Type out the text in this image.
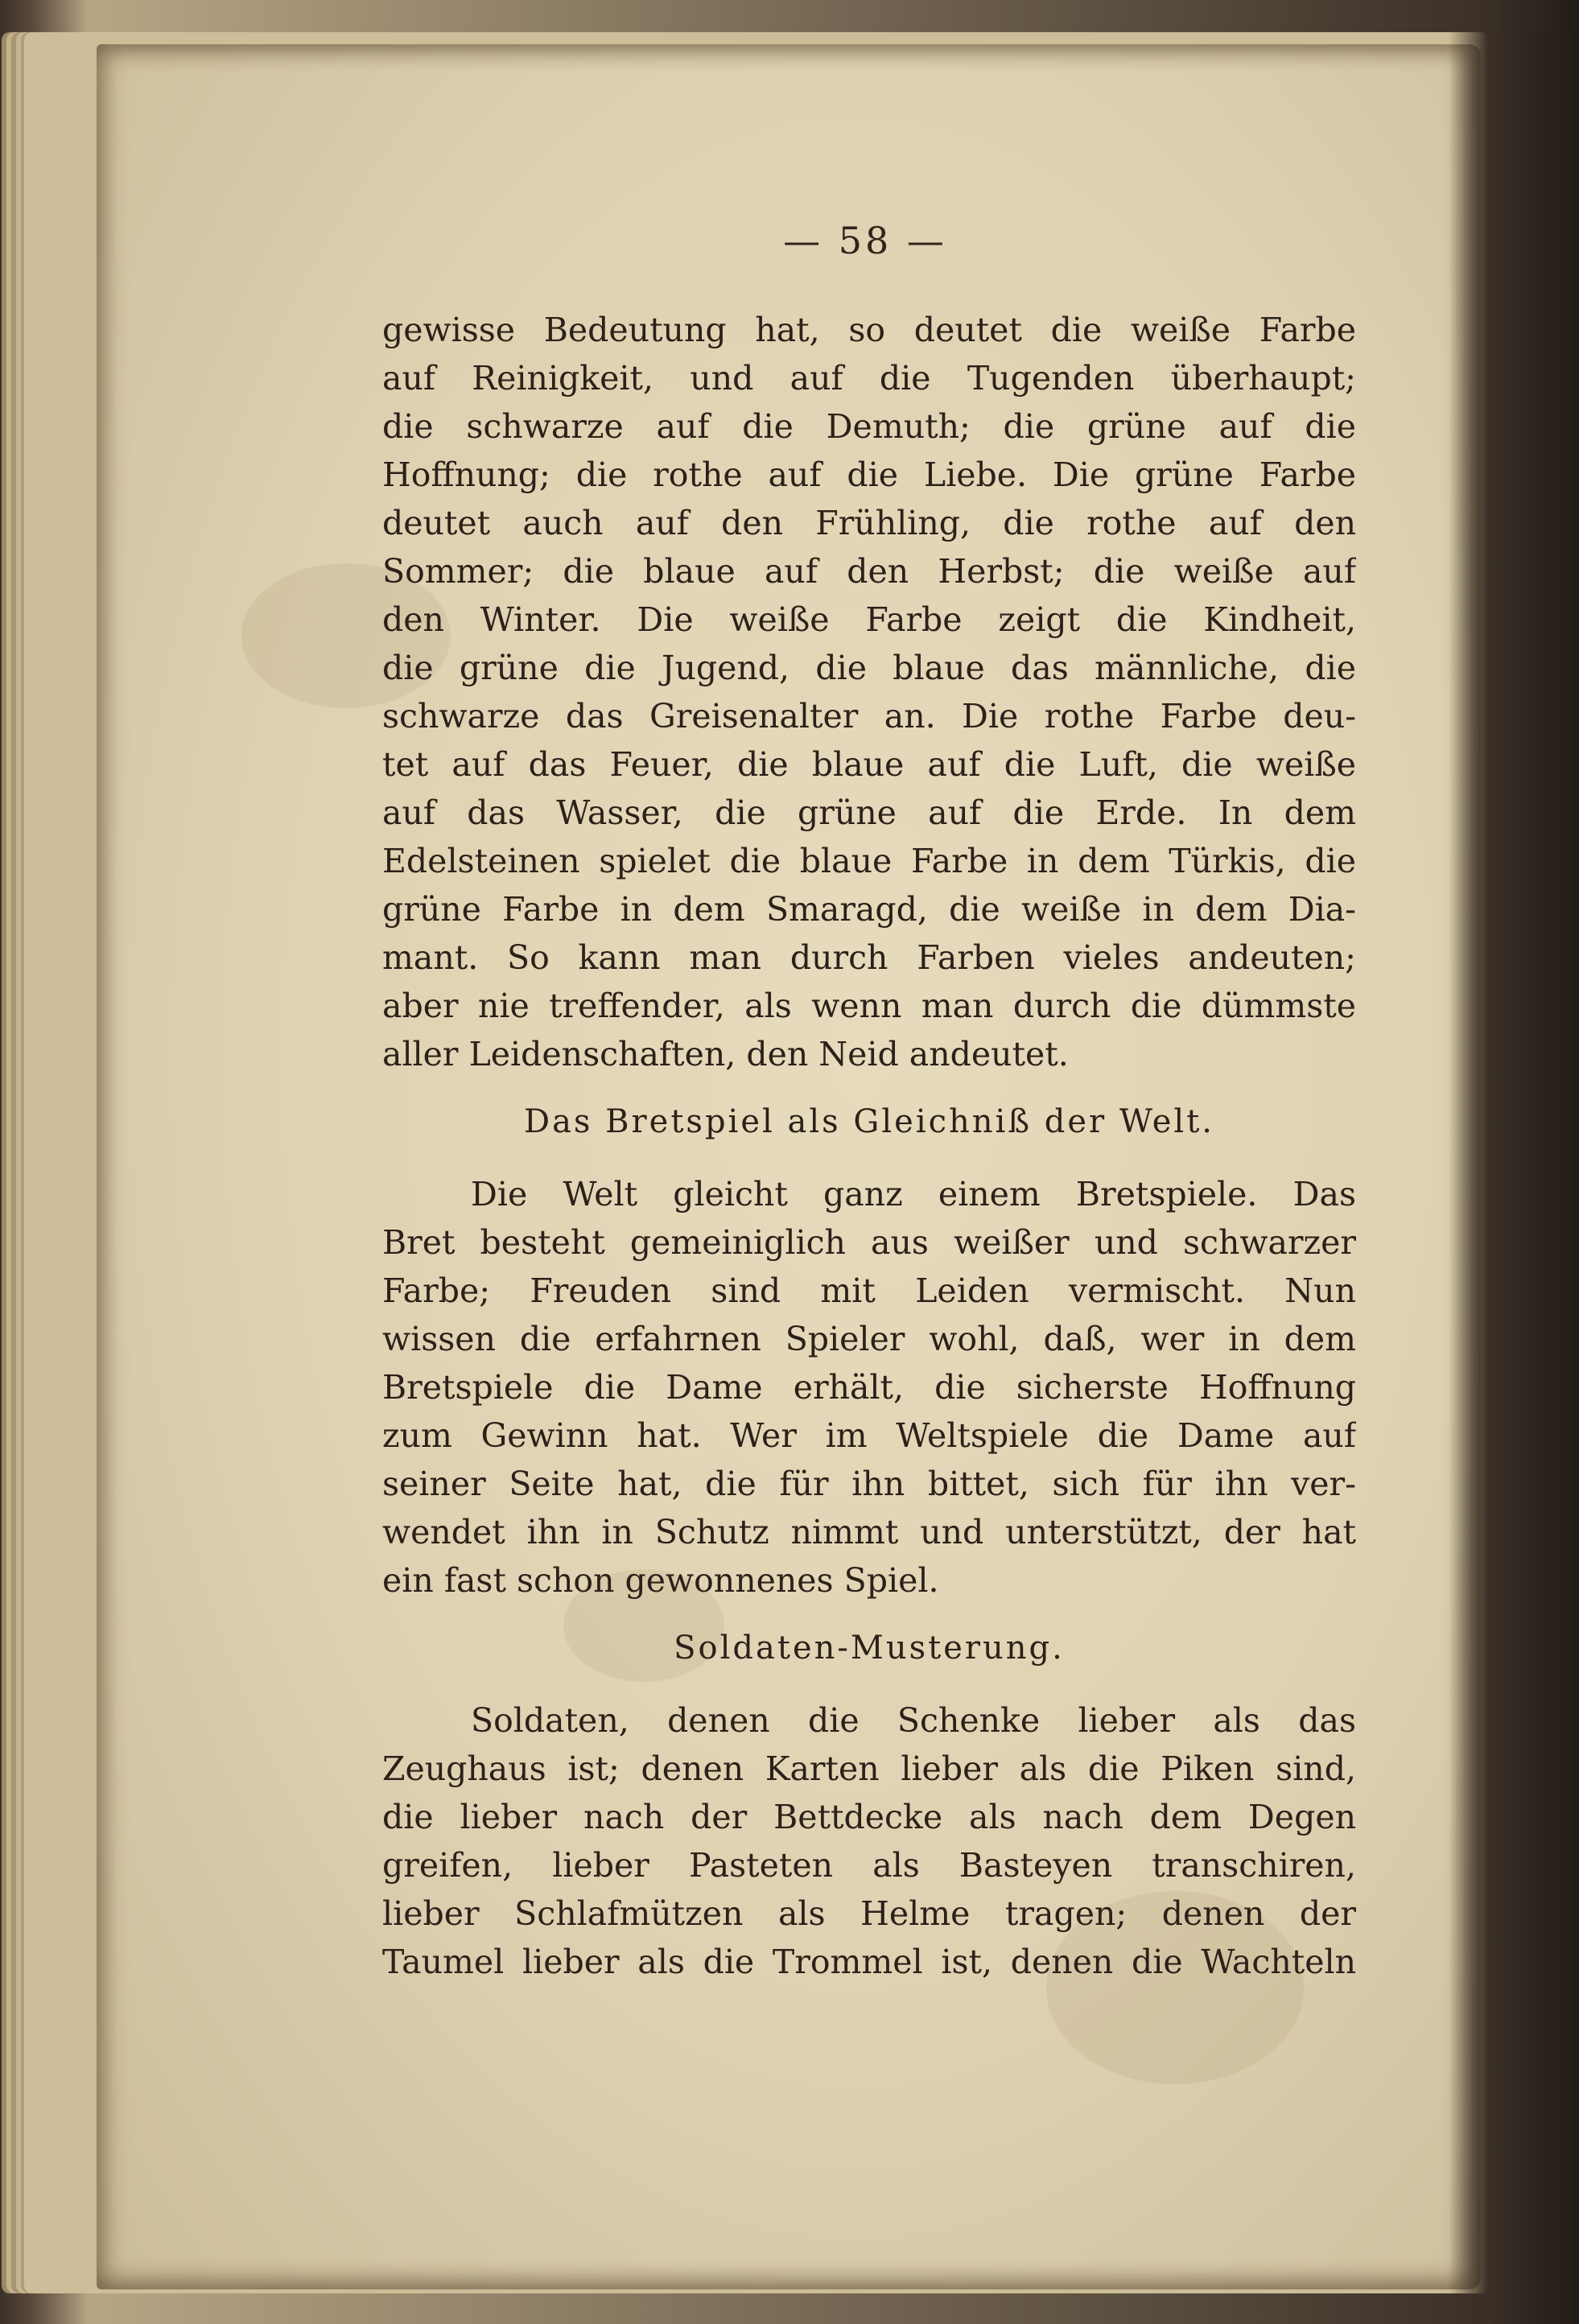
— 58 —
gewisse Bedeutung hat, so deutet die weiße Farbe
auf Reinigkeit, und auf die Tugenden überhaupt;
die schwarze auf die Demuth; die grüne auf die
Hoffnung; die rothe auf die Liebe. Die grüne Farbe
deutet auch auf den Frühling, die rothe auf den
Sommer; die blaue auf den Herbst; die weiße auf
den Winter. Die weiße Farbe zeigt die Kindheit,
die grüne die Jugend, die blaue das männliche, die
schwarze das Greisenalter an. Die rothe Farbe deu-
tet auf das Feuer, die blaue auf die Luft, die weiße
auf das Wasser, die grüne auf die Erde. In dem
Edelsteinen spielet die blaue Farbe in dem Türkis, die
grüne Farbe in dem Smaragd, die weiße in dem Dia-
mant. So kann man durch Farben vieles andeuten;
aber nie treffender, als wenn man durch die dümmste
aller Leidenschaften, den Neid andeutet.
Das Bretspiel als Gleichniß der Welt.
Die Welt gleicht ganz einem Bretspiele. Das
Bret besteht gemeiniglich aus weißer und schwarzer
Farbe; Freuden sind mit Leiden vermischt. Nun
wissen die erfahrnen Spieler wohl, daß, wer in dem
Bretspiele die Dame erhält, die sicherste Hoffnung
zum Gewinn hat. Wer im Weltspiele die Dame auf
seiner Seite hat, die für ihn bittet, sich für ihn ver-
wendet ihn in Schutz nimmt und unterstützt, der hat
ein fast schon gewonnenes Spiel.
Soldaten-Musterung.
Soldaten, denen die Schenke lieber als das
Zeughaus ist; denen Karten lieber als die Piken sind,
die lieber nach der Bettdecke als nach dem Degen
greifen, lieber Pasteten als Basteyen transchiren,
lieber Schlafmützen als Helme tragen; denen der
Taumel lieber als die Trommel ist, denen die Wachteln
